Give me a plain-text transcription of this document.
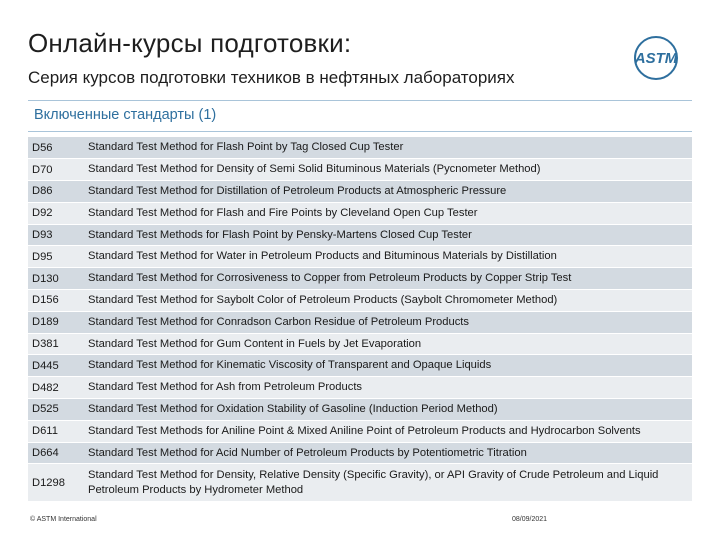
Онлайн-курсы подготовки:
Серия курсов подготовки техников в нефтяных лабораториях
ASTM
Включенные стандарты (1)
D56	Standard Test Method for Flash Point by Tag Closed Cup Tester
D70	Standard Test Method for Density of Semi Solid Bituminous Materials (Pycnometer Method)
D86	Standard Test Method for Distillation of Petroleum Products at Atmospheric Pressure
D92	Standard Test Method for Flash and Fire Points by Cleveland Open Cup Tester
D93	Standard Test Methods for Flash Point by Pensky-Martens Closed Cup Tester
D95	Standard Test Method for Water in Petroleum Products and Bituminous Materials by Distillation
D130	Standard Test Method for Corrosiveness to Copper from Petroleum Products by Copper Strip Test
D156	Standard Test Method for Saybolt Color of Petroleum Products (Saybolt Chromometer Method)
D189	Standard Test Method for Conradson Carbon Residue of Petroleum Products
D381	Standard Test Method for Gum Content in Fuels by Jet Evaporation
D445	Standard Test Method for Kinematic Viscosity of Transparent and Opaque Liquids
D482	Standard Test Method for Ash from Petroleum Products
D525	Standard Test Method for Oxidation Stability of Gasoline (Induction Period Method)
D611	Standard Test Methods for Aniline Point & Mixed Aniline Point of Petroleum Products and Hydrocarbon Solvents
D664	Standard Test Method for Acid Number of Petroleum Products by Potentiometric Titration
D1298	Standard Test Method for Density, Relative Density (Specific Gravity), or API Gravity of Crude Petroleum and Liquid Petroleum Products by Hydrometer Method
© ASTM International	08/09/2021
